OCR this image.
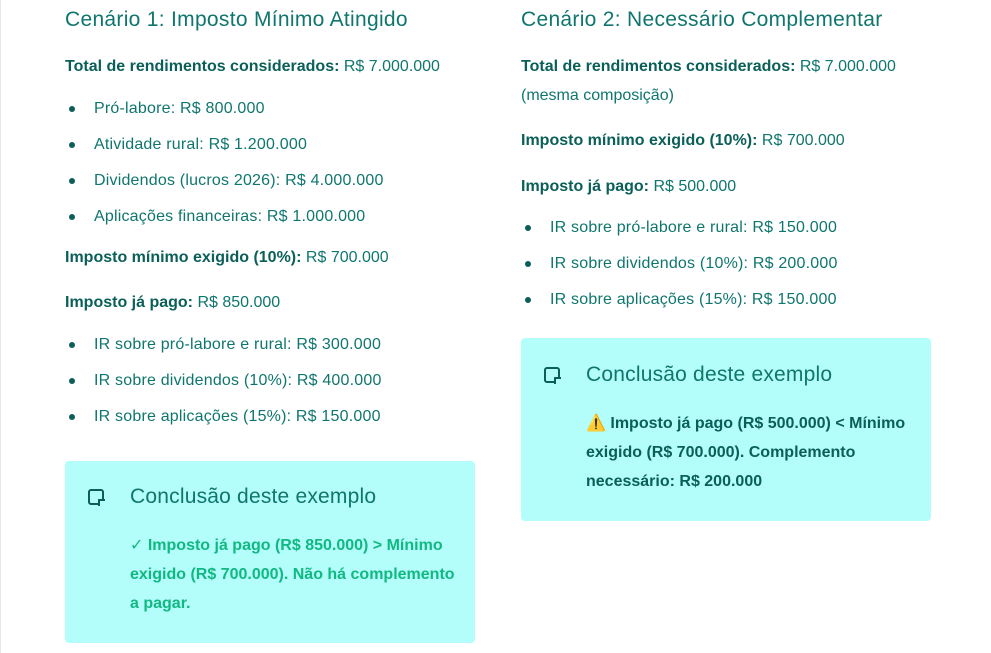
Cenário 1: Imposto Mínimo Atingido

Total de rendimentos considerados: R$ 7.000.000

Pró-labore: R$ 800.000
Atividade rural: R$ 1.200.000
Dividendos (lucros 2026): R$ 4.000.000
Aplicações financeiras: R$ 1.000.000

Imposto mínimo exigido (10%): R$ 700.000

Imposto já pago: R$ 850.000

IR sobre pró-labore e rural: R$ 300.000
IR sobre dividendos (10%): R$ 400.000
IR sobre aplicações (15%): R$ 150.000
Conclusão deste exemplo

✓ Imposto já pago (R$ 850.000) > Mínimo exigido (R$ 700.000). Não há complemento a pagar.

Cenário 2: Necessário Complementar

Total de rendimentos considerados: R$ 7.000.000 (mesma composição)

Imposto mínimo exigido (10%): R$ 700.000

Imposto já pago: R$ 500.000

IR sobre pró-labore e rural: R$ 150.000
IR sobre dividendos (10%): R$ 200.000
IR sobre aplicações (15%): R$ 150.000
Conclusão deste exemplo

⚠️ Imposto já pago (R$ 500.000) < Mínimo exigido (R$ 700.000). Complemento necessário: R$ 200.000
